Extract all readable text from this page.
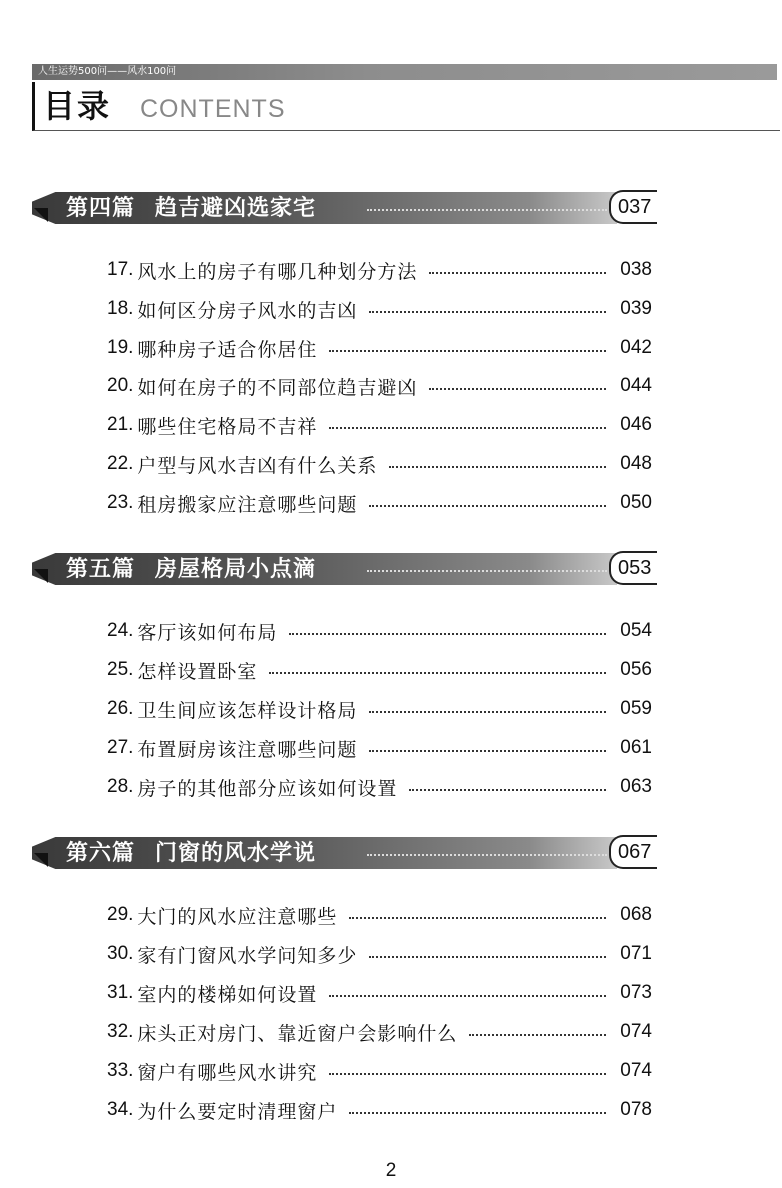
人生运势500问——风水100问
目录 CONTENTS
第四篇 趋吉避凶选家宅	037
17. 风水上的房子有哪几种划分方法	038
18. 如何区分房子风水的吉凶	039
19. 哪种房子适合你居住	042
20. 如何在房子的不同部位趋吉避凶	044
21. 哪些住宅格局不吉祥	046
22. 户型与风水吉凶有什么关系	048
23. 租房搬家应注意哪些问题	050
第五篇 房屋格局小点滴	053
24. 客厅该如何布局	054
25. 怎样设置卧室	056
26. 卫生间应该怎样设计格局	059
27. 布置厨房该注意哪些问题	061
28. 房子的其他部分应该如何设置	063
第六篇 门窗的风水学说	067
29. 大门的风水应注意哪些	068
30. 家有门窗风水学问知多少	071
31. 室内的楼梯如何设置	073
32. 床头正对房门、靠近窗户会影响什么	074
33. 窗户有哪些风水讲究	074
34. 为什么要定时清理窗户	078
2
